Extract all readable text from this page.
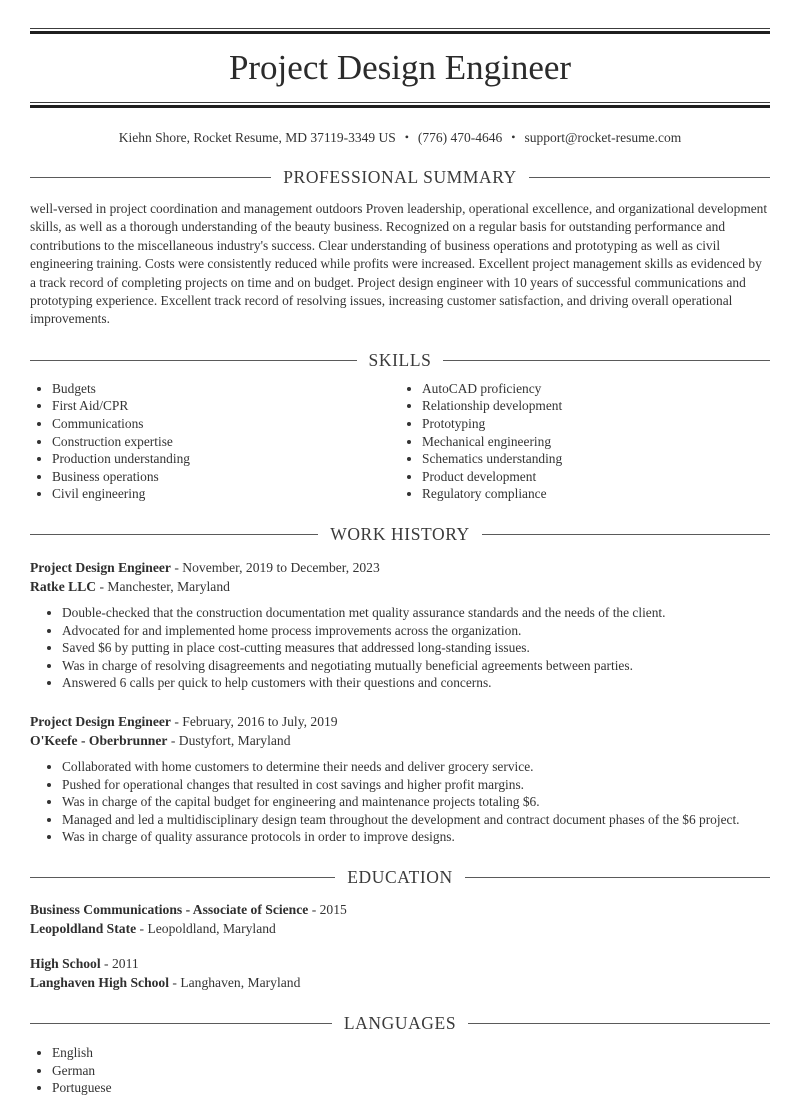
Project Design Engineer
Kiehn Shore, Rocket Resume, MD 37119-3349 US • (776) 470-4646 • support@rocket-resume.com
PROFESSIONAL SUMMARY

well-versed in project coordination and management outdoors Proven leadership, operational excellence, and organizational development skills, as well as a thorough understanding of the beauty business. Recognized on a regular basis for outstanding performance and contributions to the miscellaneous industry's success. Clear understanding of business operations and prototyping as well as civil engineering training. Costs were consistently reduced while profits were increased. Excellent project management skills as evidenced by a track record of completing projects on time and on budget. Project design engineer with 10 years of successful communications and prototyping experience. Excellent track record of resolving issues, increasing customer satisfaction, and driving overall operational improvements.

SKILLS
• Budgets
• First Aid/CPR
• Communications
• Construction expertise
• Production understanding
• Business operations
• Civil engineering
• AutoCAD proficiency
• Relationship development
• Prototyping
• Mechanical engineering
• Schematics understanding
• Product development
• Regulatory compliance
WORK HISTORY

Project Design Engineer - November, 2019 to December, 2023

Ratke LLC - Manchester, Maryland

• Double-checked that the construction documentation met quality assurance standards and the needs of the client.
• Advocated for and implemented home process improvements across the organization.
• Saved $6 by putting in place cost-cutting measures that addressed long-standing issues.
• Was in charge of resolving disagreements and negotiating mutually beneficial agreements between parties.
• Answered 6 calls per quick to help customers with their questions and concerns.

Project Design Engineer - February, 2016 to July, 2019

O'Keefe - Oberbrunner - Dustyfort, Maryland

• Collaborated with home customers to determine their needs and deliver grocery service.
• Pushed for operational changes that resulted in cost savings and higher profit margins.
• Was in charge of the capital budget for engineering and maintenance projects totaling $6.
• Managed and led a multidisciplinary design team throughout the development and contract document phases of the $6 project.
• Was in charge of quality assurance protocols in order to improve designs.
EDUCATION

Business Communications - Associate of Science - 2015

Leopoldland State - Leopoldland, Maryland

High School - 2011

Langhaven High School - Langhaven, Maryland

LANGUAGES
• English
• German
• Portuguese
